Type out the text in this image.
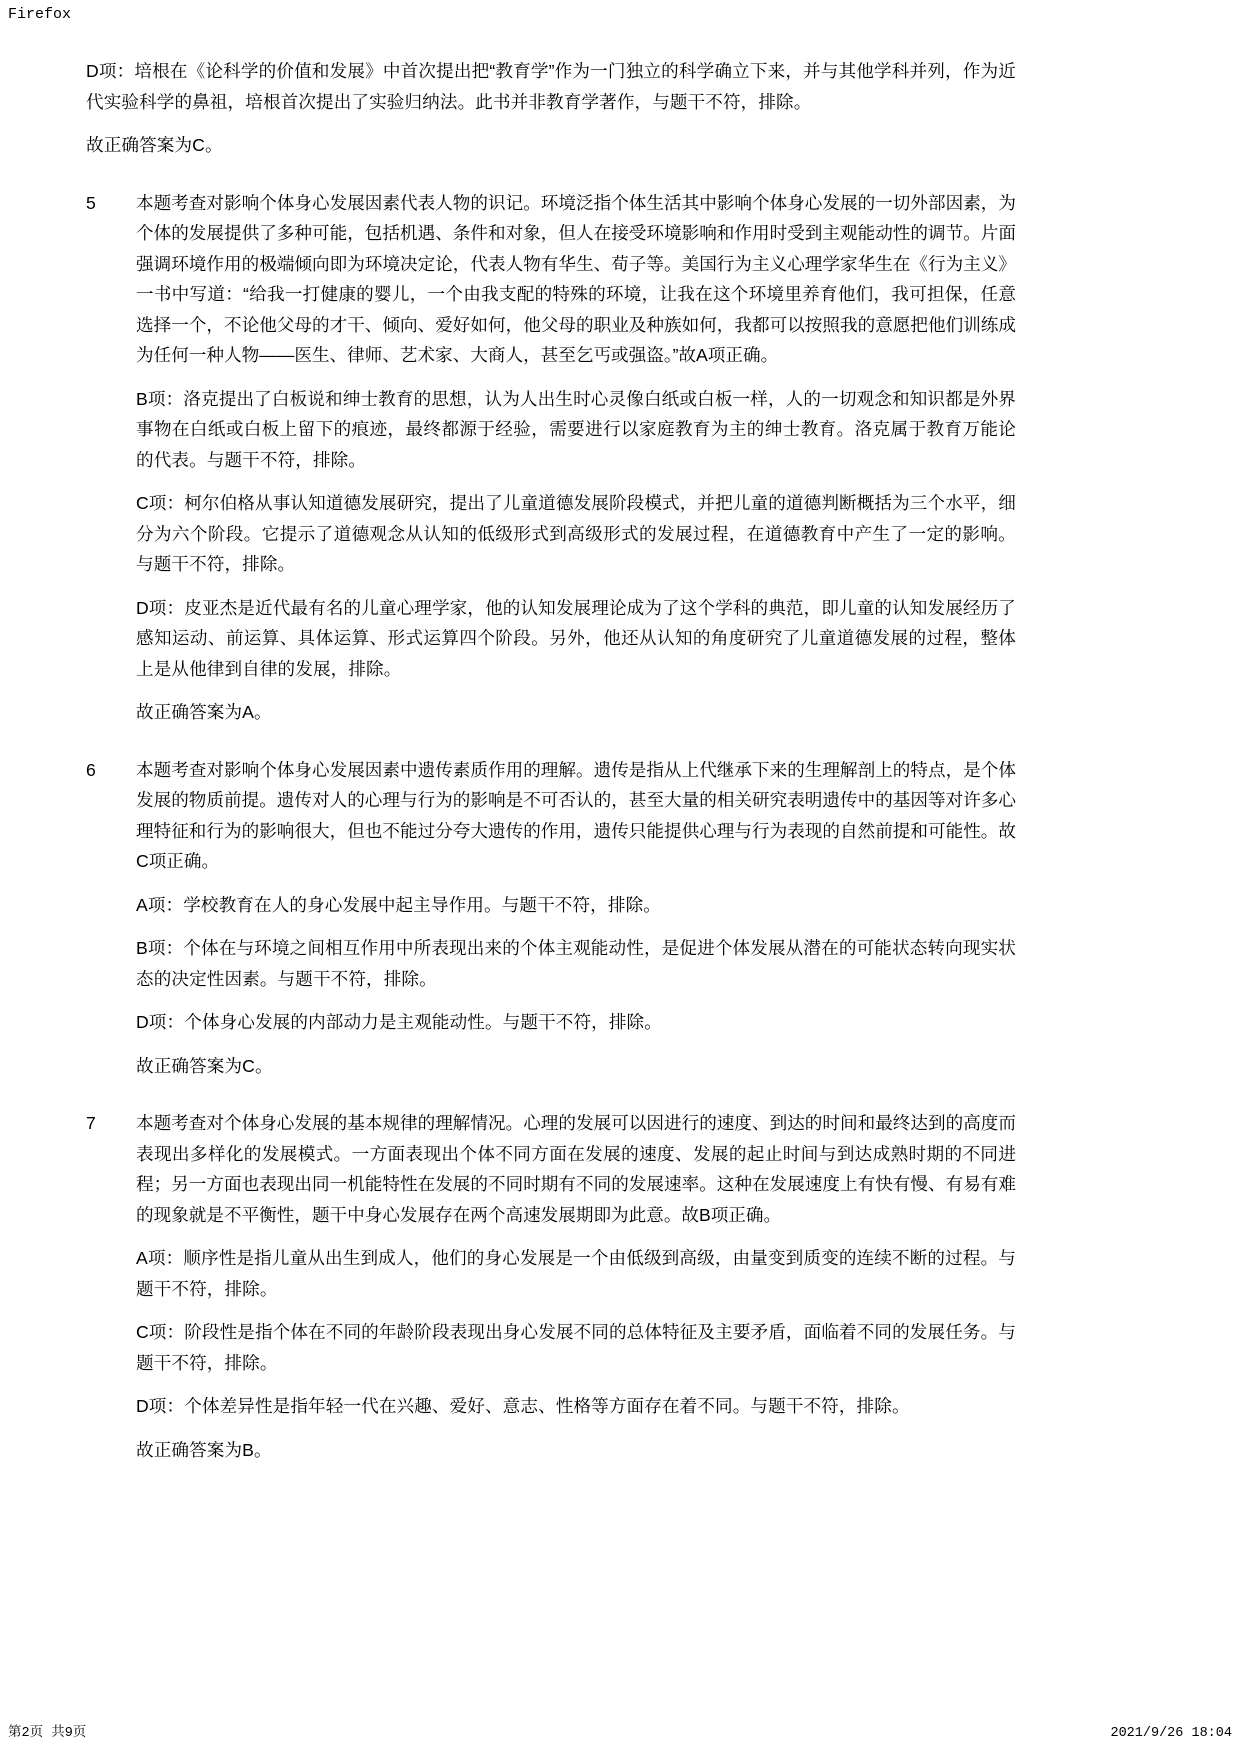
Firefox

D项：培根在《论科学的价值和发展》中首次提出把“教育学”作为一门独立的科学确立下来，并与其他学科并列，作为近代实验科学的鼻祖，培根首次提出了实验归纳法。此书并非教育学著作，与题干不符，排除。

故正确答案为C。

5	本题考查对影响个体身心发展因素代表人物的识记。环境泛指个体生活其中影响个体身心发展的一切外部因素，为个体的发展提供了多种可能，包括机遇、条件和对象，但人在接受环境影响和作用时受到主观能动性的调节。片面强调环境作用的极端倾向即为环境决定论，代表人物有华生、荀子等。美国行为主义心理学家华生在《行为主义》一书中写道：“给我一打健康的婴儿，一个由我支配的特殊的环境，让我在这个环境里养育他们，我可担保，任意选择一个，不论他父母的才干、倾向、爱好如何，他父母的职业及种族如何，我都可以按照我的意愿把他们训练成为任何一种人物——医生、律师、艺术家、大商人，甚至乞丐或强盗。”故A项正确。

B项：洛克提出了白板说和绅士教育的思想，认为人出生时心灵像白纸或白板一样，人的一切观念和知识都是外界事物在白纸或白板上留下的痕迹，最终都源于经验，需要进行以家庭教育为主的绅士教育。洛克属于教育万能论的代表。与题干不符，排除。

C项：柯尔伯格从事认知道德发展研究，提出了儿童道德发展阶段模式，并把儿童的道德判断概括为三个水平，细分为六个阶段。它提示了道德观念从认知的低级形式到高级形式的发展过程，在道德教育中产生了一定的影响。与题干不符，排除。

D项：皮亚杰是近代最有名的儿童心理学家，他的认知发展理论成为了这个学科的典范，即儿童的认知发展经历了感知运动、前运算、具体运算、形式运算四个阶段。另外，他还从认知的角度研究了儿童道德发展的过程，整体上是从他律到自律的发展，排除。

故正确答案为A。

6	本题考查对影响个体身心发展因素中遗传素质作用的理解。遗传是指从上代继承下来的生理解剖上的特点，是个体发展的物质前提。遗传对人的心理与行为的影响是不可否认的，甚至大量的相关研究表明遗传中的基因等对许多心理特征和行为的影响很大，但也不能过分夸大遗传的作用，遗传只能提供心理与行为表现的自然前提和可能性。故C项正确。

A项：学校教育在人的身心发展中起主导作用。与题干不符，排除。

B项：个体在与环境之间相互作用中所表现出来的个体主观能动性，是促进个体发展从潜在的可能状态转向现实状态的决定性因素。与题干不符，排除。

D项：个体身心发展的内部动力是主观能动性。与题干不符，排除。

故正确答案为C。

7	本题考查对个体身心发展的基本规律的理解情况。心理的发展可以因进行的速度、到达的时间和最终达到的高度而表现出多样化的发展模式。一方面表现出个体不同方面在发展的速度、发展的起止时间与到达成熟时期的不同进程；另一方面也表现出同一机能特性在发展的不同时期有不同的发展速率。这种在发展速度上有快有慢、有易有难的现象就是不平衡性，题干中身心发展存在两个高速发展期即为此意。故B项正确。

A项：顺序性是指儿童从出生到成人，他们的身心发展是一个由低级到高级，由量变到质变的连续不断的过程。与题干不符，排除。

C项：阶段性是指个体在不同的年龄阶段表现出身心发展不同的总体特征及主要矛盾，面临着不同的发展任务。与题干不符，排除。

D项：个体差异性是指年轻一代在兴趣、爱好、意志、性格等方面存在着不同。与题干不符，排除。

故正确答案为B。

第2页 共9页	2021/9/26 18:04
